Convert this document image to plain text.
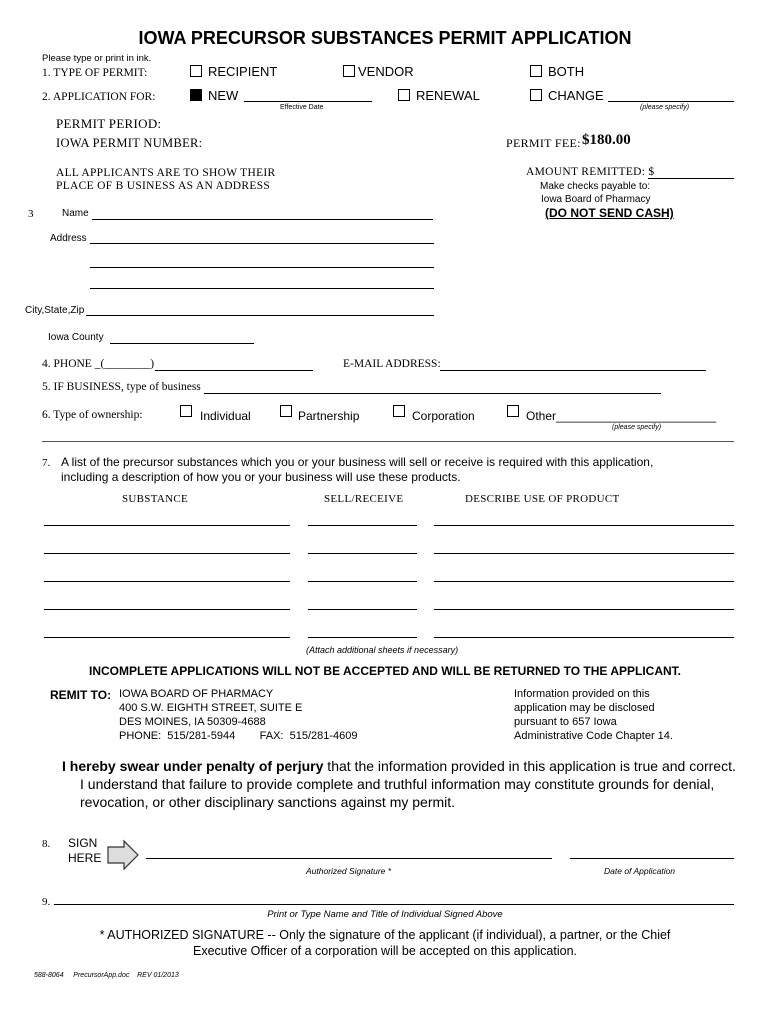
IOWA PRECURSOR SUBSTANCES PERMIT APPLICATION
Please type or print in ink.
1. TYPE OF PERMIT:	RECIPIENT	VENDOR	BOTH
2. APPLICATION FOR:	NEW
Effective Date
RENEWAL	CHANGE
(please specify)
PERMIT PERIOD:
IOWA PERMIT NUMBER:	PERMIT FEE: $180.00
ALL APPLICANTS ARE TO SHOW THEIR
PLACE OF B USINESS AS AN ADDRESS
AMOUNT REMITTED: $
Make checks payable to:
Iowa Board of Pharmacy
(DO NOT SEND CASH)
3	Name
Address
City,State,Zip
Iowa County
4. PHONE _(________)	E-MAIL ADDRESS:
5. IF BUSINESS, type of business
6. Type of ownership:	Individual	Partnership	Corporation	Other ________________________
(please specify)
7. A list of the precursor substances which you or your business will sell or receive is required with this application,
including a description of how you or your business will use these products.
SUBSTANCE	SELL/RECEIVE	DESCRIBE USE OF PRODUCT
(Attach additional sheets if necessary)
INCOMPLETE APPLICATIONS WILL NOT BE ACCEPTED AND WILL BE RETURNED TO THE APPLICANT.
REMIT TO: IOWA BOARD OF PHARMACY
400 S.W. EIGHTH STREET, SUITE E
DES MOINES, IA 50309-4688
PHONE:  515/281-5944        FAX:  515/281-4609
Information provided on this
application may be disclosed
pursuant to 657 Iowa
Administrative Code Chapter 14.
I hereby swear under penalty of perjury that the information provided in this application is true and correct.
I understand that failure to provide complete and truthful information may constitute grounds for denial,
revocation, or other disciplinary sanctions against my permit.
8. SIGN
HERE
Authorized Signature *	Date of Application
9.
Print or Type Name and Title of Individual Signed Above
* AUTHORIZED SIGNATURE -- Only the signature of the applicant (if individual), a partner, or the Chief
Executive Officer of a corporation will be accepted on this application.
588-8064     PrecursorApp.doc    REV 01/2013
